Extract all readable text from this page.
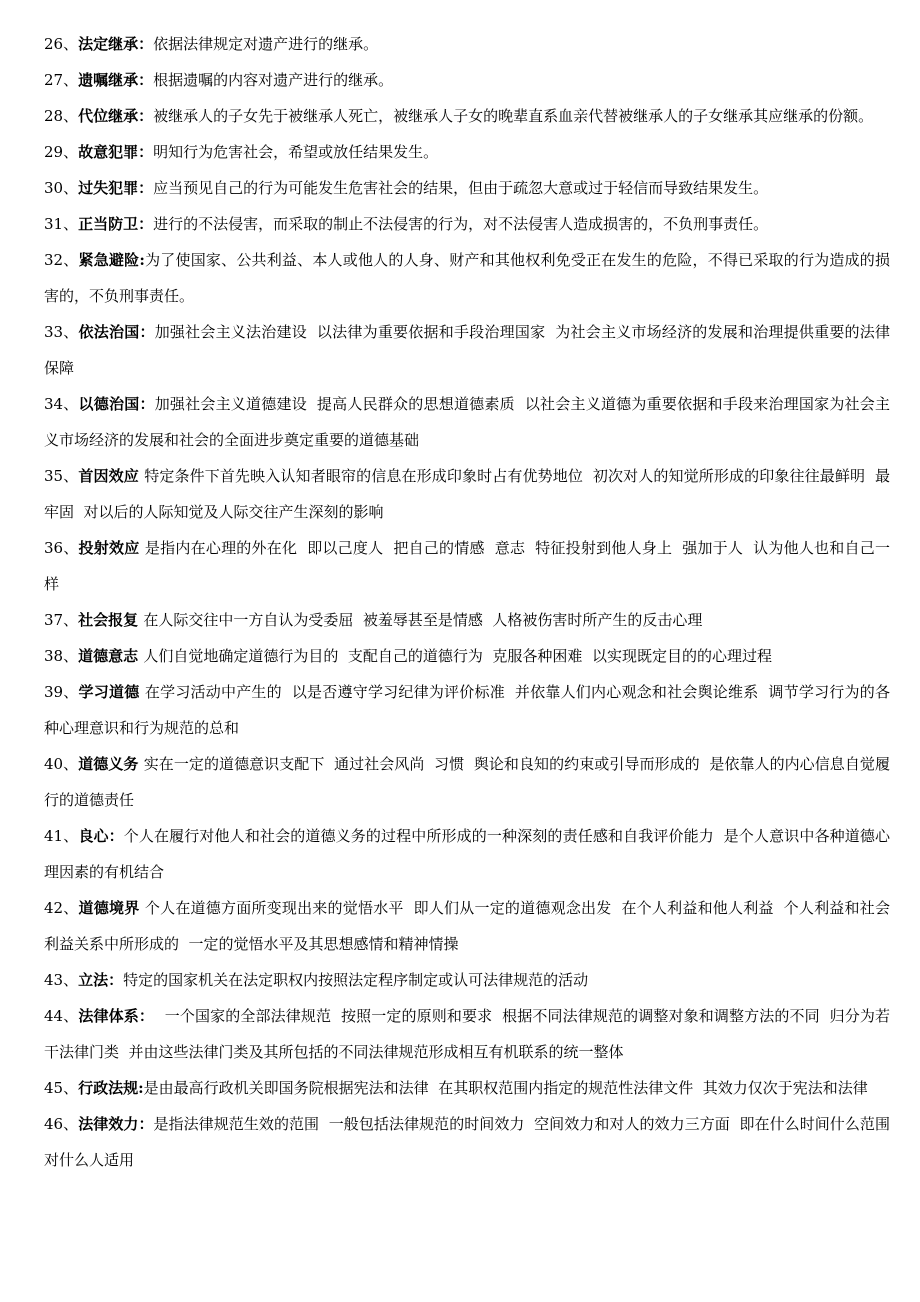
26、法定继承：依据法律规定对遗产进行的继承。

27、遗嘱继承：根据遗嘱的内容对遗产进行的继承。

28、代位继承：被继承人的子女先于被继承人死亡，被继承人子女的晚辈直系血亲代替被继承人的子女继承其应继承的份额。

29、故意犯罪：明知行为危害社会，希望或放任结果发生。

30、过失犯罪：应当预见自己的行为可能发生危害社会的结果，但由于疏忽大意或过于轻信而导致结果发生。

31、正当防卫：进行的不法侵害，而采取的制止不法侵害的行为，对不法侵害人造成损害的，不负刑事责任。

32、紧急避险:为了使国家、公共利益、本人或他人的人身、财产和其他权利免受正在发生的危险，不得已采取的行为造成的损害的，不负刑事责任。

33、依法治国：加强社会主义法治建设  以法律为重要依据和手段治理国家  为社会主义市场经济的发展和治理提供重要的法律保障

34、以德治国：加强社会主义道德建设  提高人民群众的思想道德素质  以社会主义道德为重要依据和手段来治理国家为社会主义市场经济的发展和社会的全面进步奠定重要的道德基础

35、首因效应 特定条件下首先映入认知者眼帘的信息在形成印象时占有优势地位  初次对人的知觉所形成的印象往往最鲜明  最牢固  对以后的人际知觉及人际交往产生深刻的影响

36、投射效应 是指内在心理的外在化  即以己度人  把自己的情感  意志  特征投射到他人身上  强加于人  认为他人也和自己一样

37、社会报复 在人际交往中一方自认为受委屈  被羞辱甚至是情感  人格被伤害时所产生的反击心理

38、道德意志 人们自觉地确定道德行为目的  支配自己的道德行为  克服各种困难  以实现既定目的的心理过程

39、学习道德 在学习活动中产生的  以是否遵守学习纪律为评价标准  并依靠人们内心观念和社会舆论维系  调节学习行为的各种心理意识和行为规范的总和

40、道德义务 实在一定的道德意识支配下  通过社会风尚  习惯  舆论和良知的约束或引导而形成的  是依靠人的内心信息自觉履行的道德责任

41、良心：个人在履行对他人和社会的道德义务的过程中所形成的一种深刻的责任感和自我评价能力  是个人意识中各种道德心理因素的有机结合

42、道德境界 个人在道德方面所变现出来的觉悟水平  即人们从一定的道德观念出发  在个人利益和他人利益  个人利益和社会利益关系中所形成的  一定的觉悟水平及其思想感情和精神情操

43、立法：特定的国家机关在法定职权内按照法定程序制定或认可法律规范的活动

44、法律体系：  一个国家的全部法律规范  按照一定的原则和要求  根据不同法律规范的调整对象和调整方法的不同  归分为若干法律门类  并由这些法律门类及其所包括的不同法律规范形成相互有机联系的统一整体

45、行政法规:是由最高行政机关即国务院根据宪法和法律  在其职权范围内指定的规范性法律文件  其效力仅次于宪法和法律

46、法律效力：是指法律规范生效的范围  一般包括法律规范的时间效力  空间效力和对人的效力三方面  即在什么时间什么范围  对什么人适用
